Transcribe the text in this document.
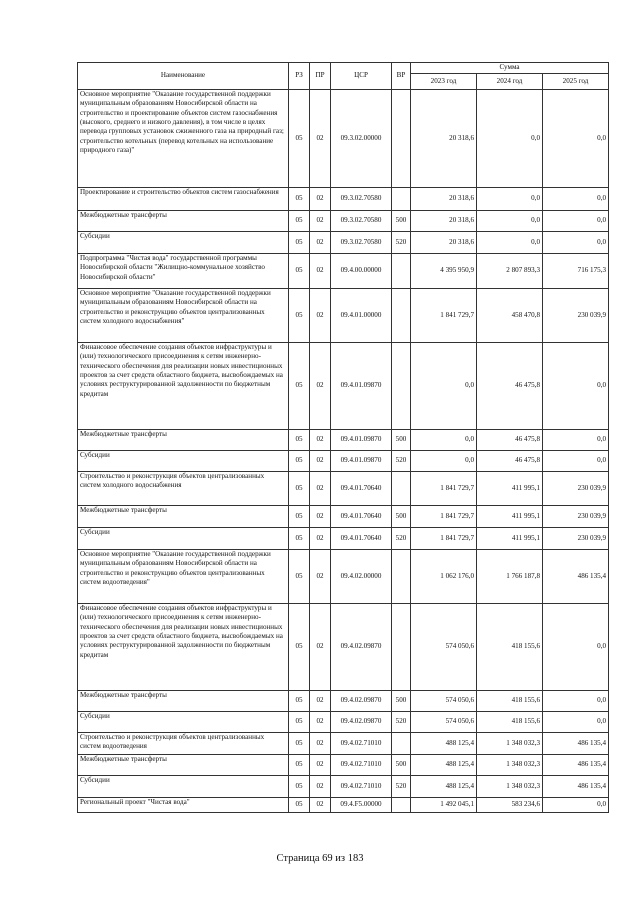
Наименование	РЗ	ПР	ЦСР	ВР	Сумма		
					2023 год	2024 год	2025 год
Основное мероприятие "Оказание государственной поддержки муниципальным образованиям Новосибирской области на строительство и проектирование объектов систем газоснабжения (высокого, среднего и низкого давления), в том числе в целях перевода групповых установок сжиженного газа на природный газ; строительство котельных (перевод котельных на использование природного газа)"	05	02	09.3.02.00000		20 318,6	0,0	0,0
Проектирование и строительство объектов систем газоснабжения	05	02	09.3.02.70580		20 318,6	0,0	0,0
Межбюджетные трансферты	05	02	09.3.02.70580	500	20 318,6	0,0	0,0
Субсидии	05	02	09.3.02.70580	520	20 318,6	0,0	0,0
Подпрограмма "Чистая вода" государственной программы Новосибирской области "Жилищно-коммунальное хозяйство Новосибирской области"	05	02	09.4.00.00000		4 395 950,9	2 807 893,3	716 175,3
Основное мероприятие "Оказание государственной поддержки муниципальным образованиям Новосибирской области на строительство и реконструкцию объектов централизованных систем холодного водоснабжения"	05	02	09.4.01.00000		1 841 729,7	458 470,8	230 039,9
Финансовое обеспечение создания объектов инфраструктуры и (или) технологического присоединения к сетям инженерно-технического обеспечения для реализации новых инвестиционных проектов за счет средств областного бюджета, высвобождаемых на условиях реструктурированной задолженности по бюджетным кредитам	05	02	09.4.01.09870		0,0	46 475,8	0,0
Межбюджетные трансферты	05	02	09.4.01.09870	500	0,0	46 475,8	0,0
Субсидии	05	02	09.4.01.09870	520	0,0	46 475,8	0,0
Строительство и реконструкция объектов централизованных систем холодного водоснабжения	05	02	09.4.01.70640		1 841 729,7	411 995,1	230 039,9
Межбюджетные трансферты	05	02	09.4.01.70640	500	1 841 729,7	411 995,1	230 039,9
Субсидии	05	02	09.4.01.70640	520	1 841 729,7	411 995,1	230 039,9
Основное мероприятие "Оказание государственной поддержки муниципальным образованиям Новосибирской области на строительство и реконструкцию объектов централизованных систем водоотведения"	05	02	09.4.02.00000		1 062 176,0	1 766 187,8	486 135,4
Финансовое обеспечение создания объектов инфраструктуры и (или) технологического присоединения к сетям инженерно-технического обеспечения для реализации новых инвестиционных проектов за счет средств областного бюджета, высвобождаемых на условиях реструктурированной задолженности по бюджетным кредитам	05	02	09.4.02.09870		574 050,6	418 155,6	0,0
Межбюджетные трансферты	05	02	09.4.02.09870	500	574 050,6	418 155,6	0,0
Субсидии	05	02	09.4.02.09870	520	574 050,6	418 155,6	0,0
Строительство и реконструкция объектов централизованных систем водоотведения	05	02	09.4.02.71010		488 125,4	1 348 032,3	486 135,4
Межбюджетные трансферты	05	02	09.4.02.71010	500	488 125,4	1 348 032,3	486 135,4
Субсидии	05	02	09.4.02.71010	520	488 125,4	1 348 032,3	486 135,4
Региональный проект "Чистая вода"	05	02	09.4.F5.00000		1 492 045,1	583 234,6	0,0
Страница 69 из 183
